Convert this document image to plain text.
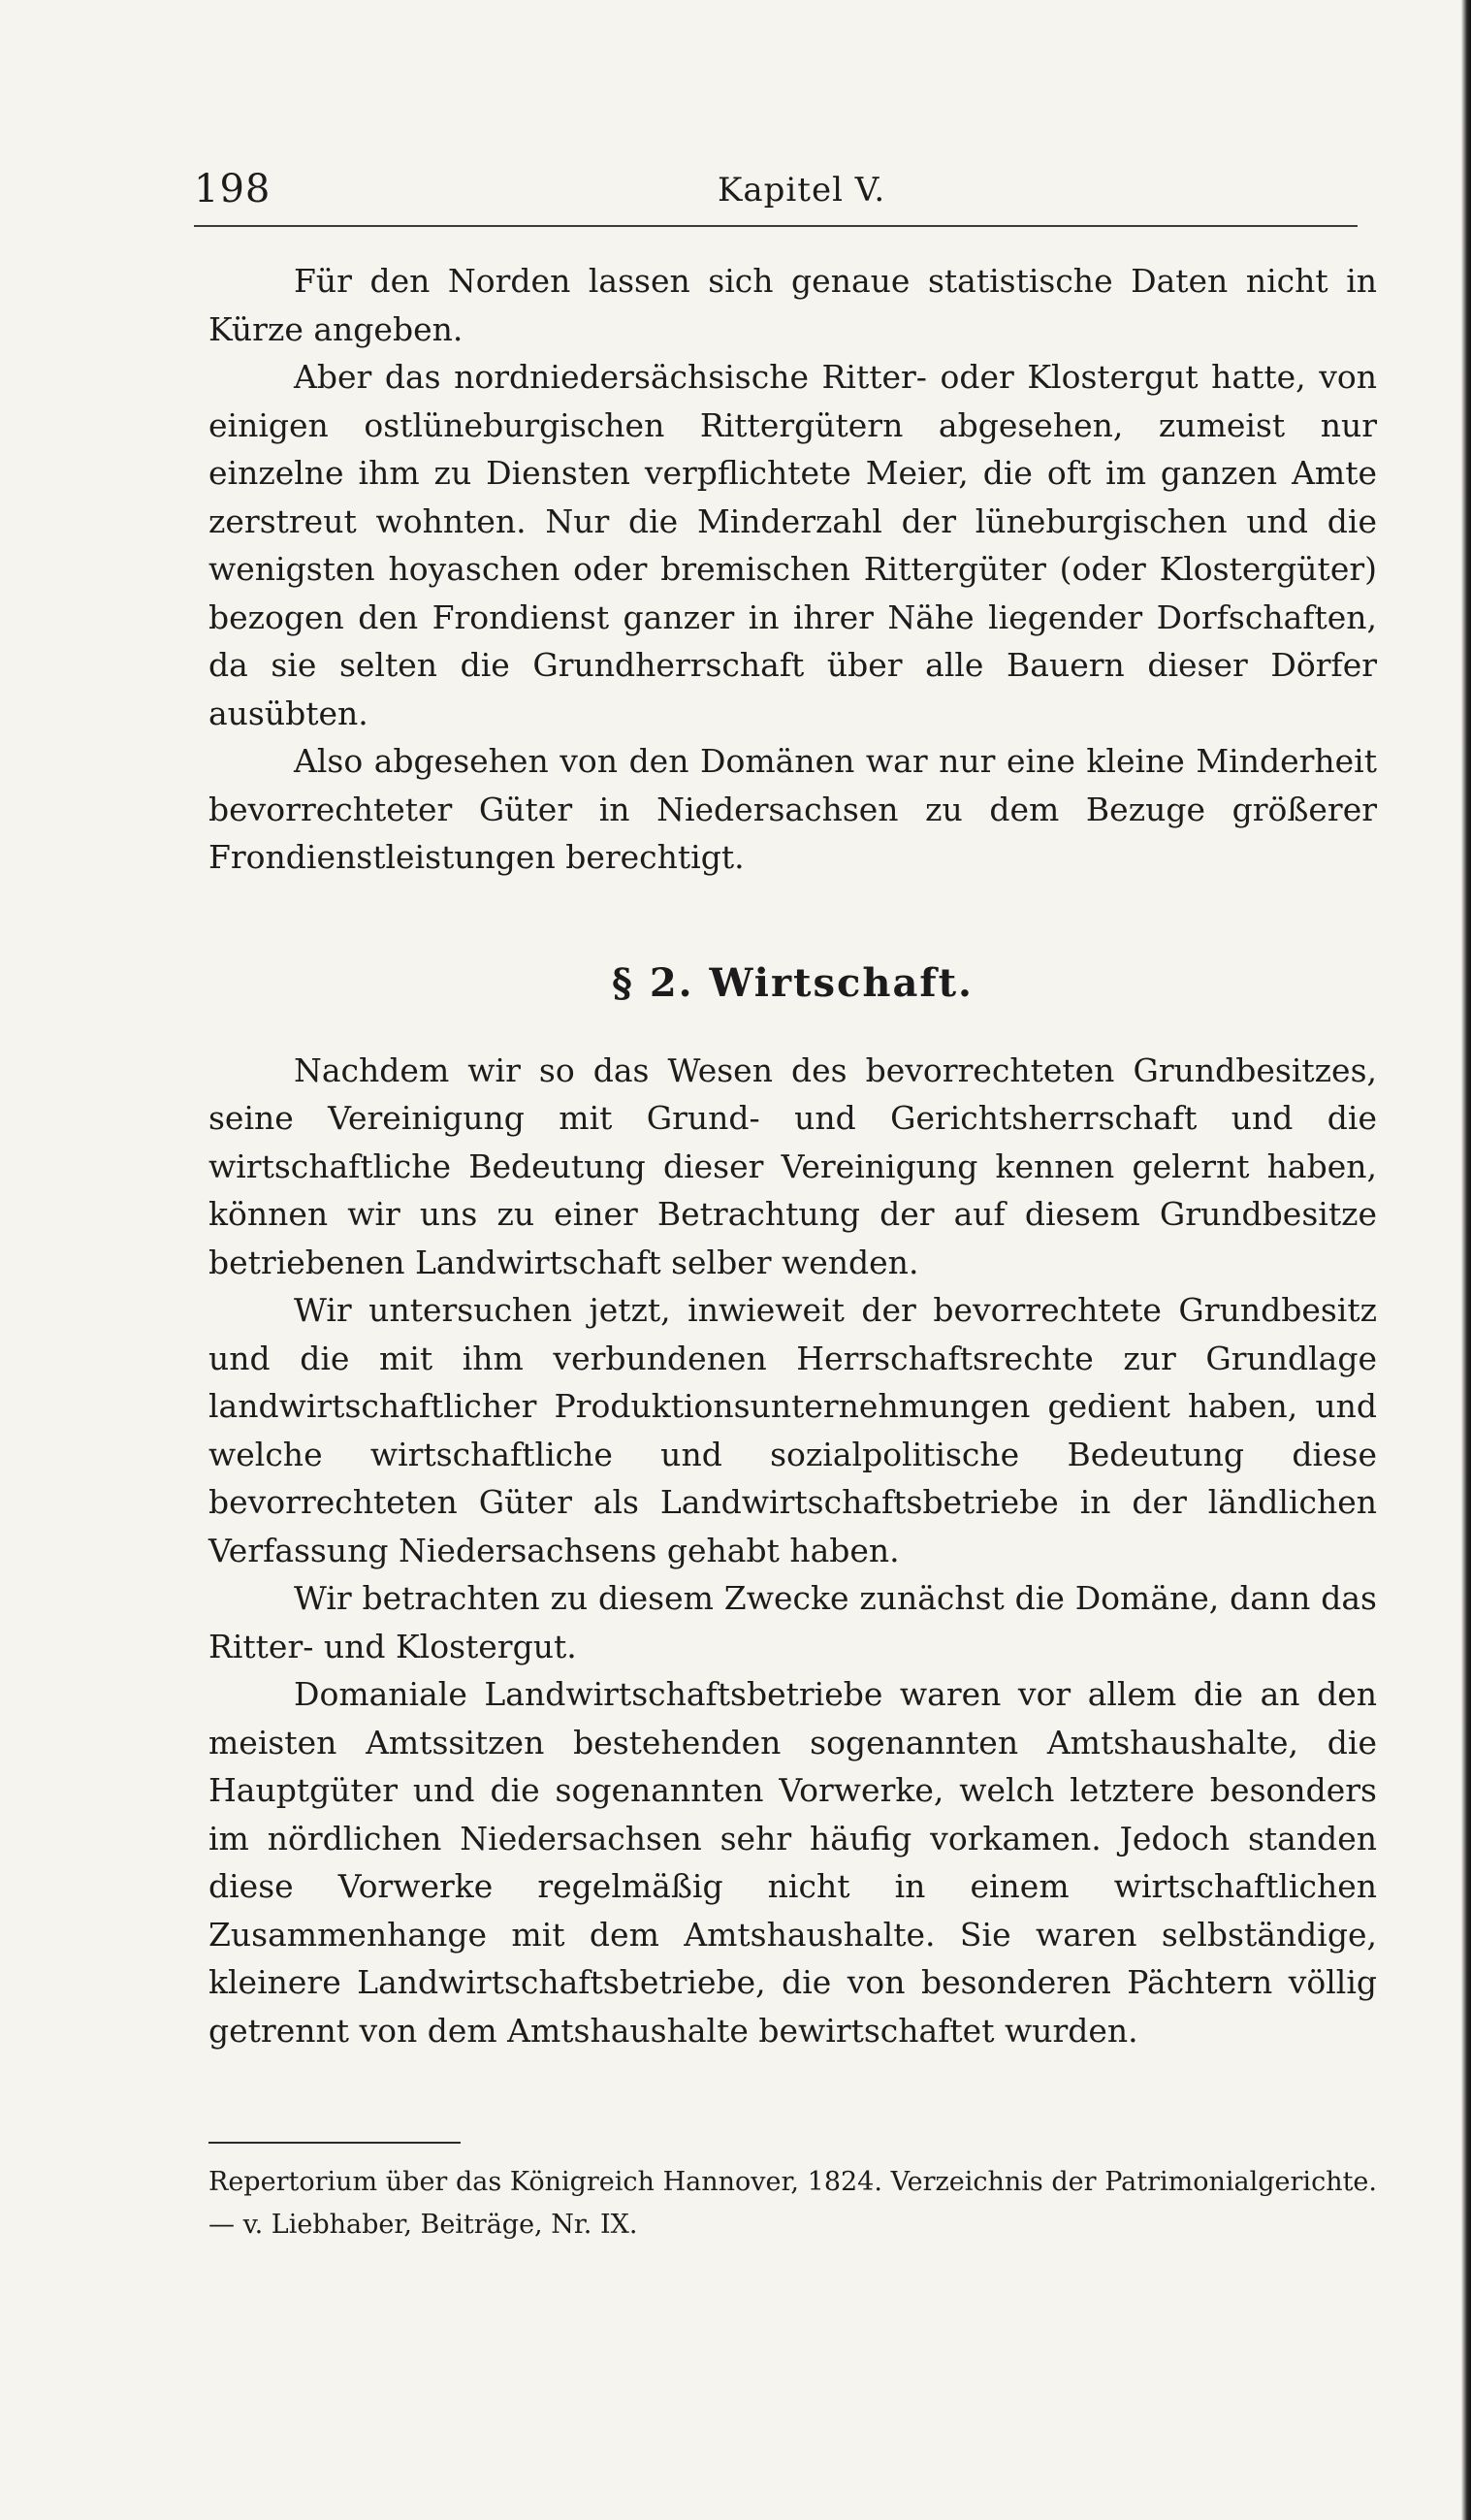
198	Kapitel V.

Für den Norden lassen sich genaue statistische Daten nicht in Kürze angeben.

Aber das nordniedersächsische Ritter- oder Klostergut hatte, von einigen ostlüneburgischen Rittergütern abgesehen, zumeist nur einzelne ihm zu Diensten verpflichtete Meier, die oft im ganzen Amte zerstreut wohnten. Nur die Minderzahl der lüneburgischen und die wenigsten hoyaschen oder bremischen Rittergüter (oder Klostergüter) bezogen den Frondienst ganzer in ihrer Nähe liegender Dorfschaften, da sie selten die Grundherrschaft über alle Bauern dieser Dörfer ausübten.

Also abgesehen von den Domänen war nur eine kleine Minderheit bevorrechteter Güter in Niedersachsen zu dem Bezuge größerer Frondienstleistungen berechtigt.

§ 2. Wirtschaft.

Nachdem wir so das Wesen des bevorrechteten Grundbesitzes, seine Vereinigung mit Grund- und Gerichtsherrschaft und die wirtschaftliche Bedeutung dieser Vereinigung kennen gelernt haben, können wir uns zu einer Betrachtung der auf diesem Grundbesitze betriebenen Landwirtschaft selber wenden.

Wir untersuchen jetzt, inwieweit der bevorrechtete Grundbesitz und die mit ihm verbundenen Herrschaftsrechte zur Grundlage landwirtschaftlicher Produktionsunternehmungen gedient haben, und welche wirtschaftliche und sozialpolitische Bedeutung diese bevorrechteten Güter als Landwirtschaftsbetriebe in der ländlichen Verfassung Niedersachsens gehabt haben.

Wir betrachten zu diesem Zwecke zunächst die Domäne, dann das Ritter- und Klostergut.

Domaniale Landwirtschaftsbetriebe waren vor allem die an den meisten Amtssitzen bestehenden sogenannten Amtshaushalte, die Hauptgüter und die sogenannten Vorwerke, welch letztere besonders im nördlichen Niedersachsen sehr häufig vorkamen. Jedoch standen diese Vorwerke regelmäßig nicht in einem wirtschaftlichen Zusammenhange mit dem Amtshaushalte. Sie waren selbständige, kleinere Landwirtschaftsbetriebe, die von besonderen Pächtern völlig getrennt von dem Amtshaushalte bewirtschaftet wurden.

Repertorium über das Königreich Hannover, 1824. Verzeichnis der Patrimonialgerichte. — v. Liebhaber, Beiträge, Nr. IX.
